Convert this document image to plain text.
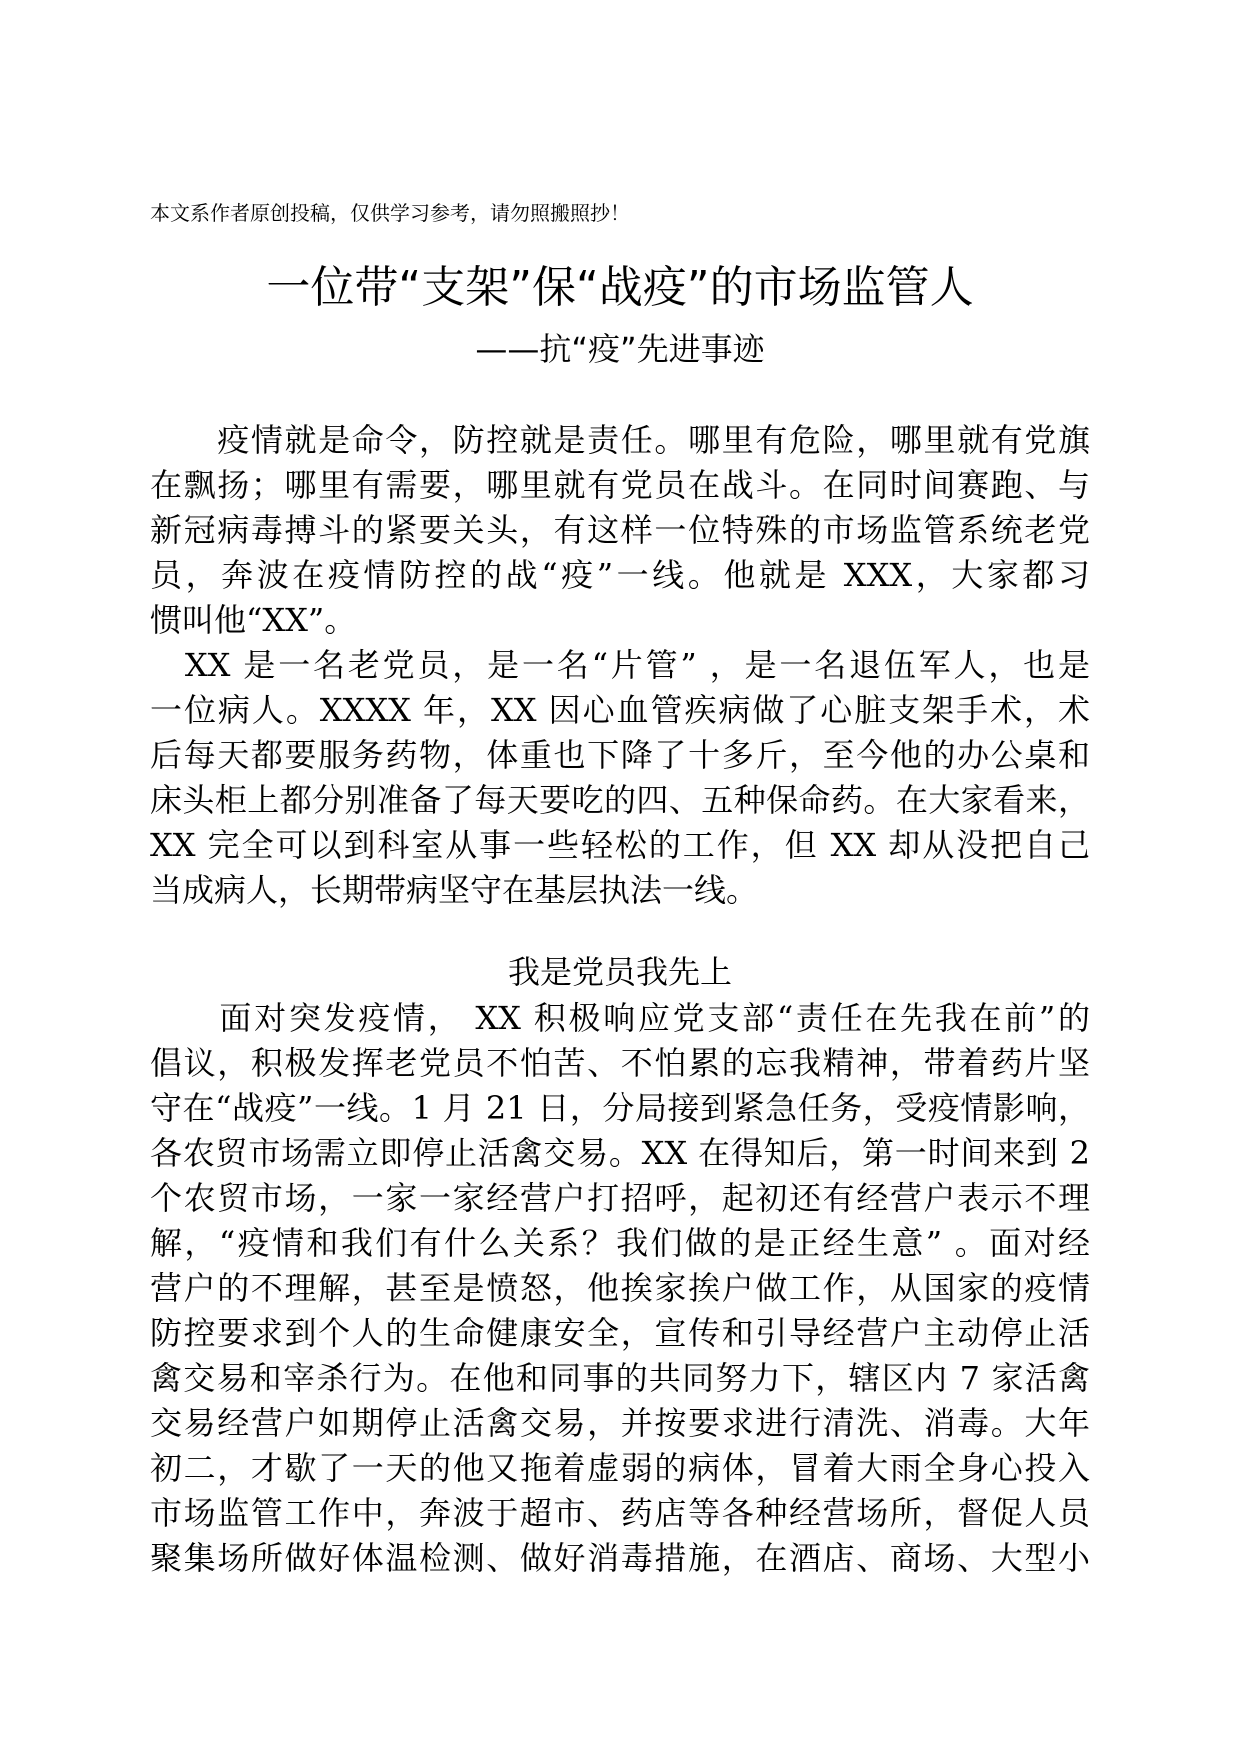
本文系作者原创投稿，仅供学习参考，请勿照搬照抄！
一位带“支架”保“战疫”的市场监管人
——抗“疫”先进事迹
　　疫情就是命令，防控就是责任。哪里有危险，哪里就有党旗
在飘扬；哪里有需要，哪里就有党员在战斗。在同时间赛跑、与
新冠病毒搏斗的紧要关头，有这样一位特殊的市场监管系统老党
员，奔波在疫情防控的战“疫”一线。他就是 XXX，大家都习
惯叫他“XX”。
　XX 是一名老党员，是一名“片管” ，是一名退伍军人，也是
一位病人。XXXX 年，XX 因心血管疾病做了心脏支架手术，术
后每天都要服务药物，体重也下降了十多斤，至今他的办公桌和
床头柜上都分别准备了每天要吃的四、五种保命药。在大家看来，
XX 完全可以到科室从事一些轻松的工作，但 XX 却从没把自己
当成病人，长期带病坚守在基层执法一线。
我是党员我先上
　　面对突发疫情， XX 积极响应党支部“责任在先我在前”的
倡议，积极发挥老党员不怕苦、不怕累的忘我精神，带着药片坚
守在“战疫”一线。1 月 21 日，分局接到紧急任务，受疫情影响，
各农贸市场需立即停止活禽交易。XX 在得知后，第一时间来到 2
个农贸市场，一家一家经营户打招呼，起初还有经营户表示不理
解，“疫情和我们有什么关系？我们做的是正经生意” 。面对经
营户的不理解，甚至是愤怒，他挨家挨户做工作，从国家的疫情
防控要求到个人的生命健康安全，宣传和引导经营户主动停止活
禽交易和宰杀行为。在他和同事的共同努力下，辖区内 7 家活禽
交易经营户如期停止活禽交易，并按要求进行清洗、消毒。大年
初二，才歇了一天的他又拖着虚弱的病体，冒着大雨全身心投入
市场监管工作中，奔波于超市、药店等各种经营场所，督促人员
聚集场所做好体温检测、做好消毒措施，在酒店、商场、大型小
